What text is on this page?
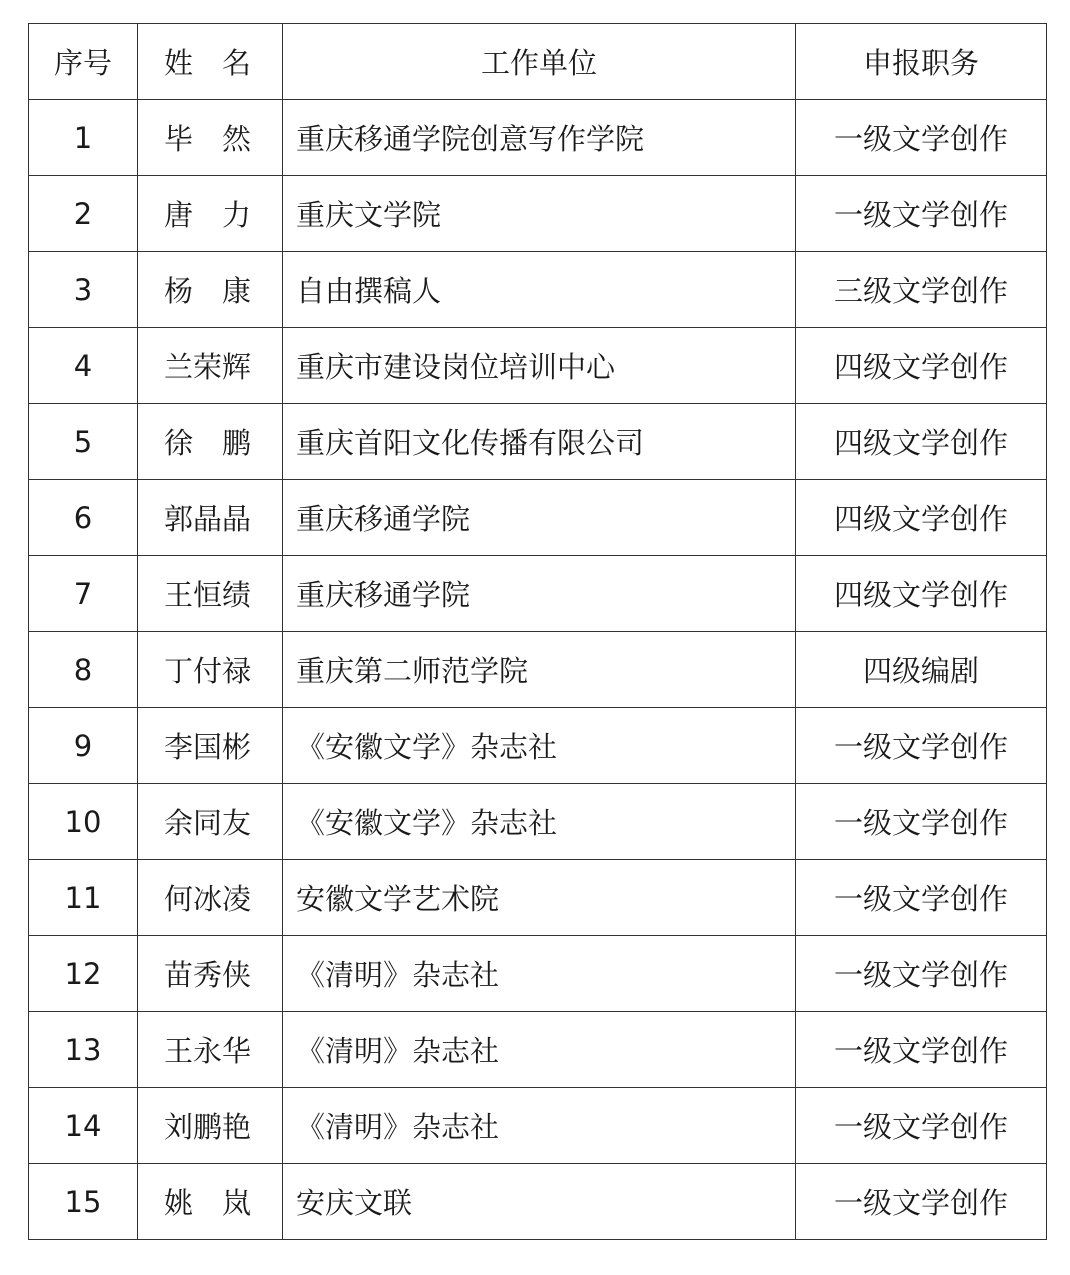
序号	姓　名	工作单位	申报职务
1	毕　然	重庆移通学院创意写作学院	一级文学创作
2	唐　力	重庆文学院	一级文学创作
3	杨　康	自由撰稿人	三级文学创作
4	兰荣辉	重庆市建设岗位培训中心	四级文学创作
5	徐　鹏	重庆首阳文化传播有限公司	四级文学创作
6	郭晶晶	重庆移通学院	四级文学创作
7	王恒绩	重庆移通学院	四级文学创作
8	丁付禄	重庆第二师范学院	四级编剧
9	李国彬	《安徽文学》杂志社	一级文学创作
10	余同友	《安徽文学》杂志社	一级文学创作
11	何冰凌	安徽文学艺术院	一级文学创作
12	苗秀侠	《清明》杂志社	一级文学创作
13	王永华	《清明》杂志社	一级文学创作
14	刘鹏艳	《清明》杂志社	一级文学创作
15	姚　岚	安庆文联	一级文学创作
